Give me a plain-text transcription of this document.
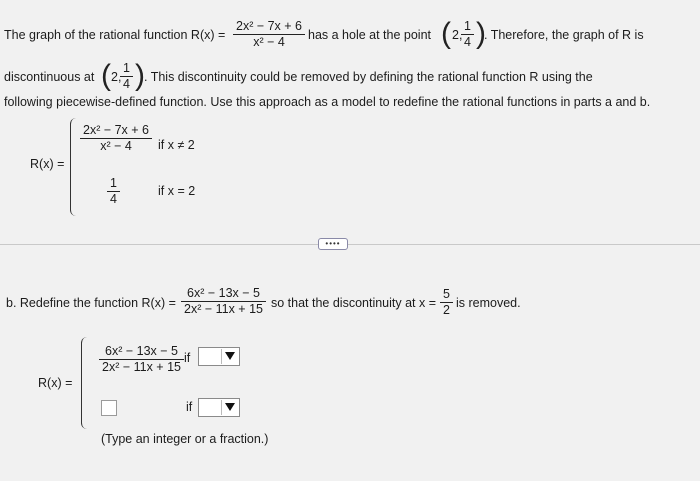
The graph of the rational function $R(x) = \frac{\text{2x² − 7x + 6}}{\text{x² − 4}}$ has a hole at the point ( 2,
$\frac{1}{4}$ )
. Therefore, the graph of R is
discontinuous at ( 2,
$\frac{1}{4}$ ) . This discontinuity could be removed by defining the rational function R using the
following piecewise-defined function. Use this approach as a model to redefine the rational functions in parts a and b.
R(x) =
$\frac{\text{2x² − 7x + 6}}{\text{x² − 4}}$ if x ≠ 2
$\frac{1}{4}$	if x = 2
••••
b. Redefine the function $R(x) = \frac{\text{6x² − 13x − 5}}{\text{2x² − 11x + 15}}$ so that the discontinuity at $x = \frac{5}{2}$ is removed.
R(x) =
$\frac{\text{6x² − 13x − 5}}{\text{2x² − 11x + 15}}$ if
if
(Type an integer or a fraction.)
